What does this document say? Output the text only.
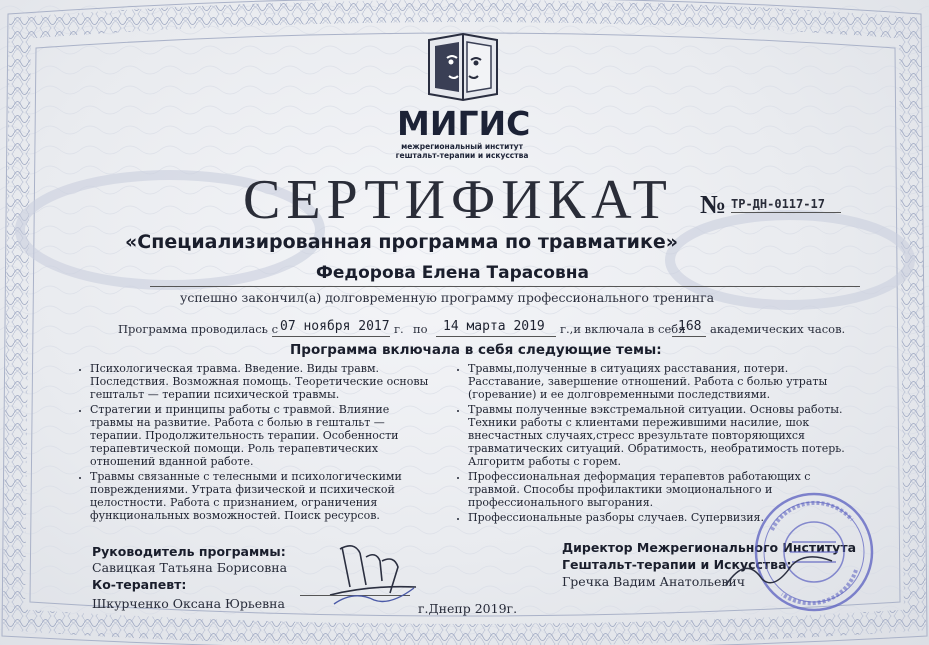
МИГИС
межрегиональный институт
гештальт-терапии и искусства
СЕРТИФИКАТ № ТР-ДН-0117-17
«Специализированная программа по травматике»
Федорова Елена Тарасовна
успешно закончил(а) долговременную программу профессионального тренинга
Программа проводилась с 07 ноября 2017 г. по 14 марта 2019 г.,и включала в себя
168 академических часов.
Программа включала в себя следующие темы:
• Психологическая травма. Введение. Виды травм. Последствия. Возможная помощь. Теоретические основы гештальт — терапии психической травмы.
• Стратегии и принципы работы с травмой. Влияние травмы на развитие. Работа с болью в гештальт — терапии. Продолжительность терапии. Особенности терапевтической помощи. Роль терапевтических отношений вданной работе.
• Травмы связанные с телесными и психологическими повреждениями. Утрата физической и психической целостности. Работа с признанием, ограничения функциональных возможностей. Поиск ресурсов.
• Травмы,полученные в ситуациях расставания, потери. Расставание, завершение отношений. Работа с болью утраты (горевание) и ее долговременными последствиями.
• Травмы полученные вэкстремальной ситуации. Основы работы. Техники работы с клиентами пережившими насилие, шок внесчастных случаях,стресс врезультате повторяющихся травматических ситуаций. Обратимость, необратимость потерь. Алгоритм работы с горем.
• Профессиональная деформация терапевтов работающих с травмой. Способы профилактики эмоционального и профессионального выгорания.
• Профессиональные разборы случаев. Супервизия.
Руководитель программы:
Савицкая Татьяна Борисовна
Ко-терапевт:
Шкурченко Оксана Юрьевна	г.Днепр 2019г.
Директор Межрегионального Института
Гештальт-терапии и Искусства:
Гречка Вадим Анатольевич
